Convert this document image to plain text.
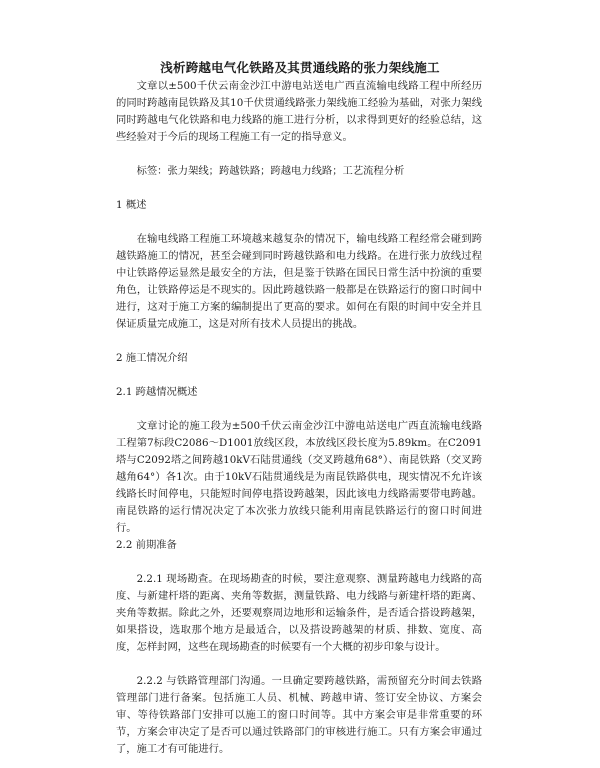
浅析跨越电气化铁路及其贯通线路的张力架线施工

文章以±500千伏云南金沙江中游电站送电广西直流输电线路工程中所经历的同时跨越南昆铁路及其10千伏贯通线路张力架线施工经验为基础，对张力架线同时跨越电气化铁路和电力线路的施工进行分析，以求得到更好的经验总结，这些经验对于今后的现场工程施工有一定的指导意义。

标签：张力架线；跨越铁路；跨越电力线路；工艺流程分析

1 概述

在输电线路工程施工环境越来越复杂的情况下，输电线路工程经常会碰到跨越铁路施工的情况，甚至会碰到同时跨越铁路和电力线路。在进行张力放线过程中让铁路停运显然是最安全的方法，但是鉴于铁路在国民日常生活中扮演的重要角色，让铁路停运是不现实的。因此跨越铁路一般都是在铁路运行的窗口时间中进行，这对于施工方案的编制提出了更高的要求。如何在有限的时间中安全并且保证质量完成施工，这是对所有技术人员提出的挑战。

2 施工情况介绍

2.1 跨越情况概述

文章讨论的施工段为±500千伏云南金沙江中游电站送电广西直流输电线路工程第7标段C2086～D1001放线区段，本放线区段长度为5.89km。在C2091塔与C2092塔之间跨越10kV石陆贯通线（交叉跨越角68°）、南昆铁路（交叉跨越角64°）各1次。由于10kV石陆贯通线是为南昆铁路供电，现实情况不允许该线路长时间停电，只能短时间停电搭设跨越架，因此该电力线路需要带电跨越。南昆铁路的运行情况决定了本次张力放线只能利用南昆铁路运行的窗口时间进行。

2.2 前期准备

2.2.1 现场勘查。在现场勘查的时候，要注意观察、测量跨越电力线路的高度、与新建杆塔的距离、夹角等数据，测量铁路、电力线路与新建杆塔的距离、夹角等数据。除此之外，还要观察周边地形和运输条件，是否适合搭设跨越架，如果搭设，选取那个地方是最适合，以及搭设跨越架的材质、排数、宽度、高度，怎样封网，这些在现场勘查的时候要有一个大概的初步印象与设计。

2.2.2 与铁路管理部门沟通。一旦确定要跨越铁路，需预留充分时间去铁路管理部门进行备案。包括施工人员、机械、跨越申请、签订安全协议、方案会审、等待铁路部门安排可以施工的窗口时间等。其中方案会审是非常重要的环节，方案会审决定了是否可以通过铁路部门的审核进行施工。只有方案会审通过了，施工才有可能进行。
